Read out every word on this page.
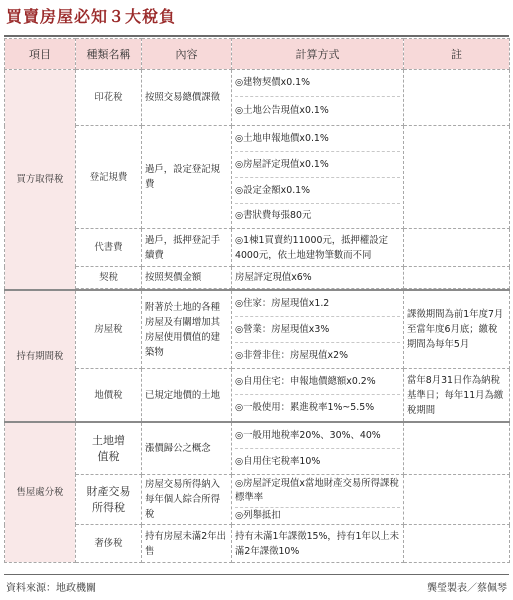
買賣房屋必知３大稅負
項目	種類名稱	內容	計算方式	註
買方取得稅	印花稅	按照交易總價課徵	◎建物契價x0.1%
◎土地公告現值x0.1%	

	登記規費	過戶，設定登記規費	◎土地申報地價x0.1%
◎房屋評定現值x0.1%
◎設定金額x0.1%
◎書狀費每張80元	

	代書費	過戶，抵押登記手續費	◎1棟1買賣約11000元，抵押權設定4000元，依土地建物筆數而不同	
	契稅	按照契價金額	房屋評定現值x6%	

持有期間稅	房屋稅	附著於土地的各種房屋及有關增加其房屋使用價值的建築物	◎住家：房屋現值x1.2
◎營業：房屋現值x3%
◎非營非住：房屋現值x2%	課徵期間為前1年度7月至當年度6月底；繳稅期間為每年5月
	地價稅	已規定地價的土地	◎自用住宅：申報地價總額x0.2%
◎一般使用：累進稅率1%~5.5%	當年8月31日作為納稅基準日；每年11月為繳稅期間
售屋處分稅	土地增值稅	漲價歸公之概念	◎一般用地稅率20%、30%、40%
◎自用住宅稅率10%	

	財產交易所得稅	房屋交易所得納入每年個人綜合所得稅	◎房屋評定現值x當地財產交易所得課稅標準率
◎列舉抵扣	

	奢侈稅	持有房屋未滿2年出售	持有未滿1年課徵15%，持有1年以上未滿2年課徵10%	
資料來源：地政機關	龔瑩製表／蔡佩琴
